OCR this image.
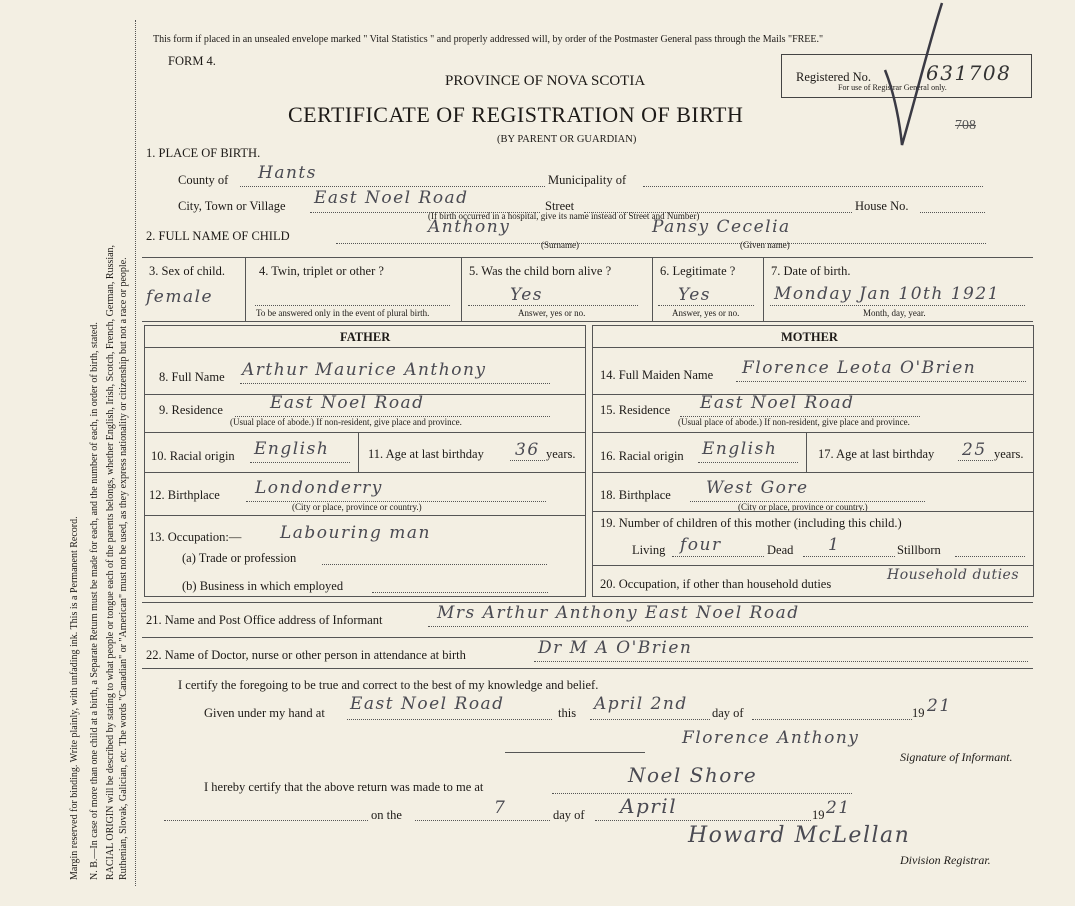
Margin reserved for binding. Write plainly, with unfading ink. This is a Permanent Record. N. B.—In case of more than one child at a birth, a Separate Return must be made for each, and the number of each, in order of birth, stated. RACIAL ORIGIN will be described by stating to what people or tongue each of the parents belongs, whether English, Irish, Scotch, French, German, Russian, Ruthenian, Slovak, Galician, etc. The words "Canadian" or "American" must not be used, as they express nationality or citizenship but not a race or people.
This form if placed in an unsealed envelope marked " Vital Statistics " and properly addressed will, by order of the Postmaster General pass through the Mails "FREE."
FORM 4.
PROVINCE OF NOVA SCOTIA
CERTIFICATE OF REGISTRATION OF BIRTH
(BY PARENT OR GUARDIAN)
Registered No.	631708
For use of Registrar General only.
708
1. PLACE OF BIRTH.
County of Hants	Municipality of
City, Town or Village East Noel Road	Street	House No.
(If birth occurred in a hospital, give its name instead of Street and Number)
2. FULL NAME OF CHILD	Anthony	Pansy Cecelia
(Surname)	(Given name)
3. Sex of child.
female
4. Twin, triplet or other ?
To be answered only in the event of plural birth.
5. Was the child born alive ?
Yes
Answer, yes or no.
6. Legitimate ?
Yes
Answer, yes or no.
7. Date of birth.
Monday Jan 10th 1921
Month, day, year.
FATHER	MOTHER
8. Full Name Arthur Maurice Anthony
9. Residence	East Noel Road
(Usual place of abode.) If non-resident, give place and province.
10. Racial origin English	11. Age at last birthday 36 years.
12. Birthplace Londonderry
(City or place, province or country.)
13. Occupation:— Labouring man
(a) Trade or profession
(b) Business in which employed
14. Full Maiden Name Florence Leota O'Brien
15. Residence East Noel Road
(Usual place of abode.) If non-resident, give place and province.
16. Racial origin English	17. Age at last birthday 25 years.
18. Birthplace West Gore
(City or place, province or country.)
19. Number of children of this mother (including this child.)
Living four	Dead 1	Stillborn
20. Occupation, if other than household duties
Household duties
21. Name and Post Office address of Informant	Mrs Arthur Anthony East Noel Road
22. Name of Doctor, nurse or other person in attendance at birth	Dr M A O'Brien
I certify the foregoing to be true and correct to the best of my knowledge and belief.
Given under my hand at East Noel Road	this April 2nd day of	19 21
Florence Anthony
Signature of Informant.
I hereby certify that the above return was made to me at	Noel Shore
on the	7	day of April	19 21
Howard McLellan
Division Registrar.
